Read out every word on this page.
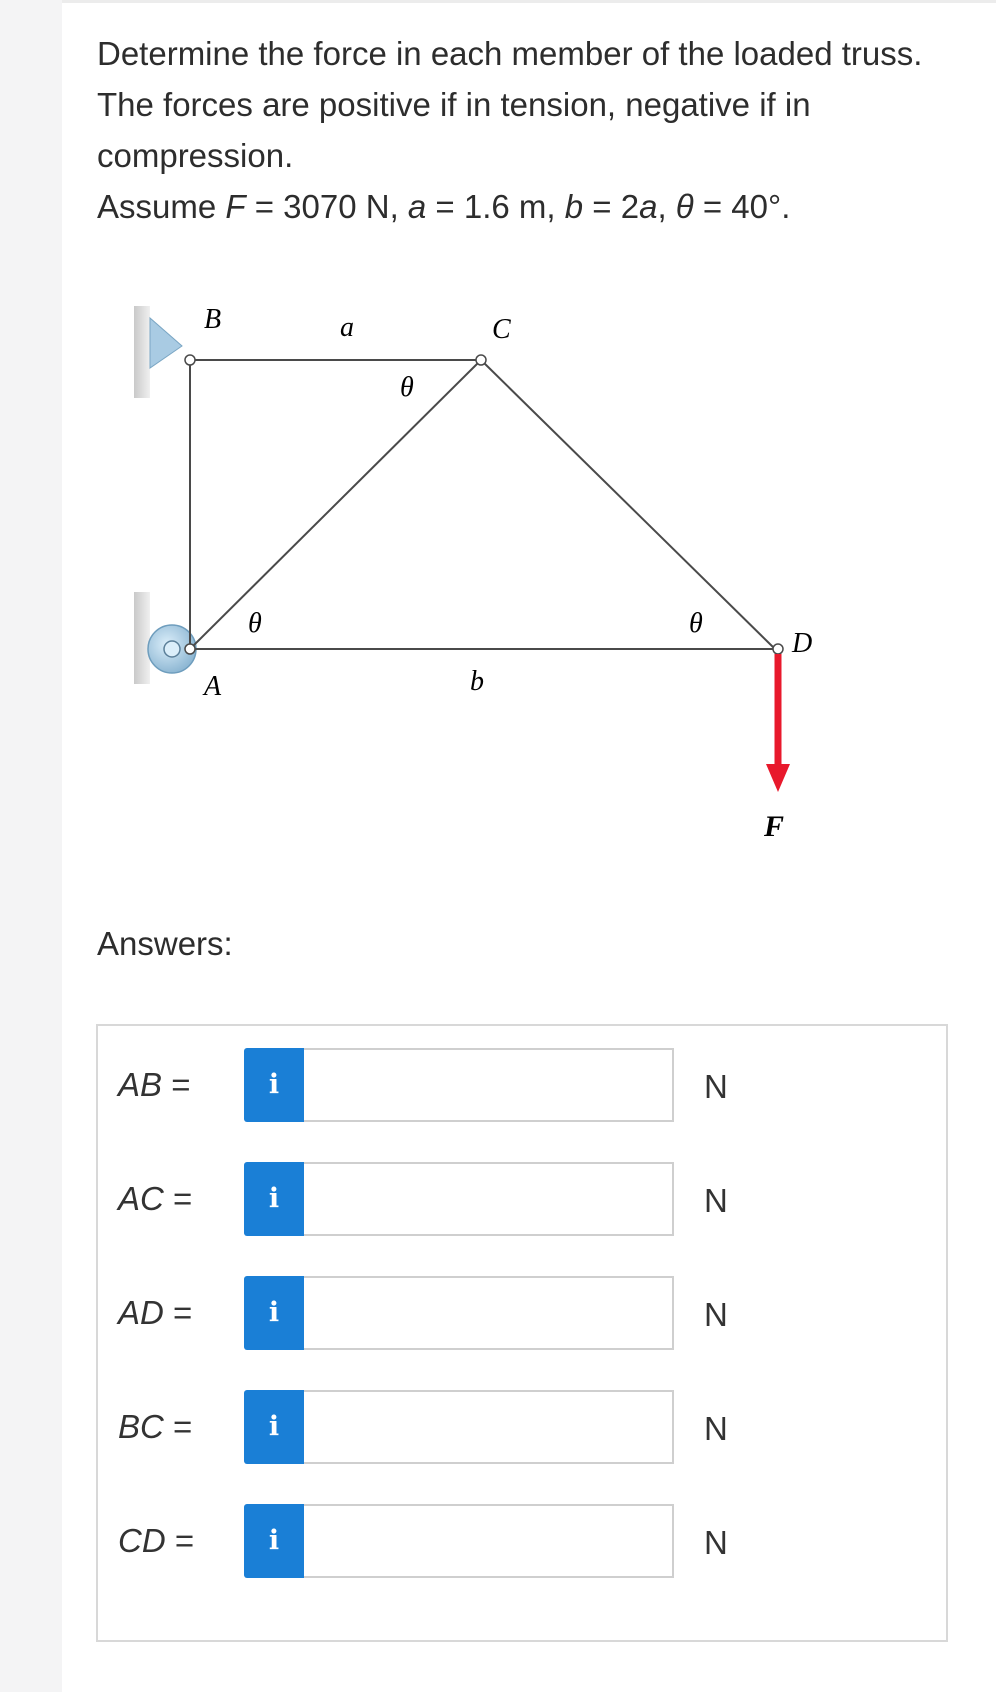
Determine the force in each member of the loaded truss. The forces are positive if in tension, negative if in compression.

Assume F = 3070 N, a = 1.6 m, b = 2a, θ = 40°.

B	a	C
θ
θ	θ
D
A	b
F
Answers:
AB =	i	N
AC =	i	N
AD =	i	N
BC =	i	N
CD =	i	N
